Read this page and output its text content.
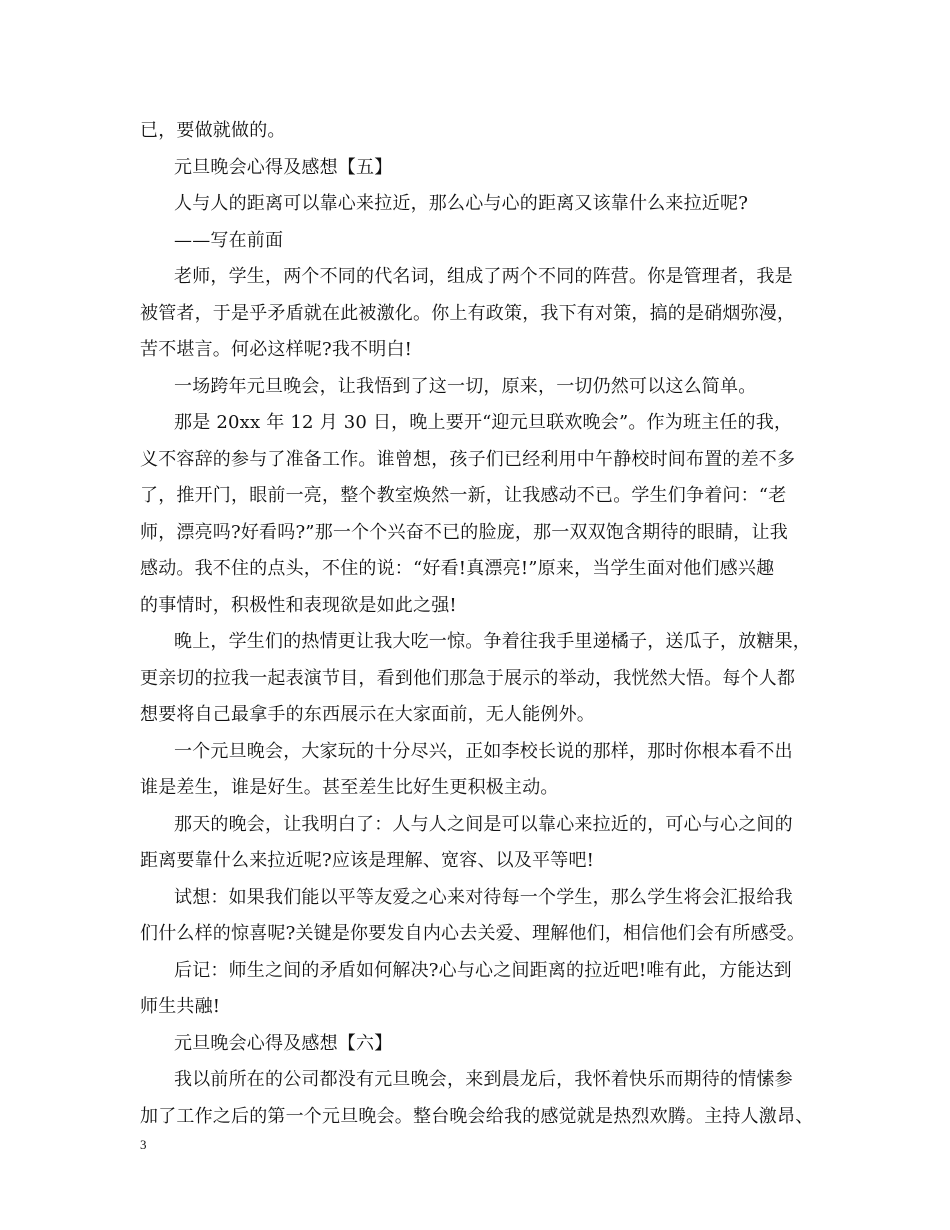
已，要做就做的。
元旦晚会心得及感想【五】
人与人的距离可以靠心来拉近，那么心与心的距离又该靠什么来拉近呢?
——写在前面
老师，学生，两个不同的代名词，组成了两个不同的阵营。你是管理者，我是
被管者，于是乎矛盾就在此被激化。你上有政策，我下有对策，搞的是硝烟弥漫，
苦不堪言。何必这样呢?我不明白!
一场跨年元旦晚会，让我悟到了这一切，原来，一切仍然可以这么简单。
那是 20xx 年 12 月 30 日，晚上要开“迎元旦联欢晚会”。作为班主任的我，
义不容辞的参与了准备工作。谁曾想，孩子们已经利用中午静校时间布置的差不多
了，推开门，眼前一亮，整个教室焕然一新，让我感动不已。学生们争着问：“老
师，漂亮吗?好看吗?”那一个个兴奋不已的脸庞，那一双双饱含期待的眼睛，让我
感动。我不住的点头，不住的说：“好看!真漂亮!”原来，当学生面对他们感兴趣
的事情时，积极性和表现欲是如此之强!
晚上，学生们的热情更让我大吃一惊。争着往我手里递橘子，送瓜子，放糖果，
更亲切的拉我一起表演节目，看到他们那急于展示的举动，我恍然大悟。每个人都
想要将自己最拿手的东西展示在大家面前，无人能例外。
一个元旦晚会，大家玩的十分尽兴，正如李校长说的那样，那时你根本看不出
谁是差生，谁是好生。甚至差生比好生更积极主动。
那天的晚会，让我明白了：人与人之间是可以靠心来拉近的，可心与心之间的
距离要靠什么来拉近呢?应该是理解、宽容、以及平等吧!
试想：如果我们能以平等友爱之心来对待每一个学生，那么学生将会汇报给我
们什么样的惊喜呢?关键是你要发自内心去关爱、理解他们，相信他们会有所感受。
后记：师生之间的矛盾如何解决?心与心之间距离的拉近吧!唯有此，方能达到
师生共融!
元旦晚会心得及感想【六】
我以前所在的公司都没有元旦晚会，来到晨龙后，我怀着快乐而期待的情愫参
加了工作之后的第一个元旦晚会。整台晚会给我的感觉就是热烈欢腾。主持人激昂、
3
